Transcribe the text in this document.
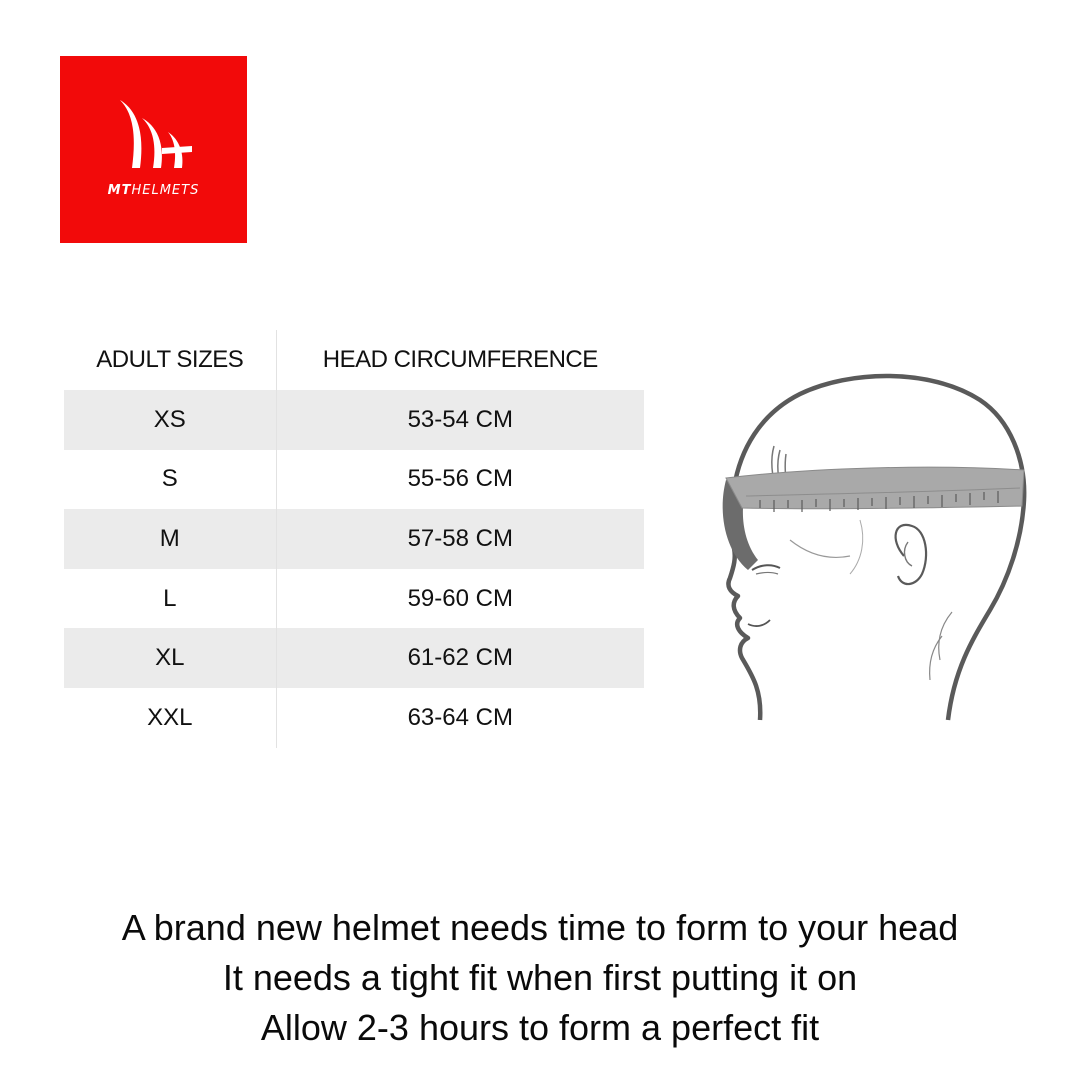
MTHELMETS
ADULT SIZES	HEAD CIRCUMFERENCE
XS	53-54 CM
S	55-56 CM
M	57-58 CM
L	59-60 CM
XL	61-62 CM
XXL	63-64 CM
A brand new helmet needs time to form to your head
It needs a tight fit when first putting it on
Allow 2-3 hours to form a perfect fit
